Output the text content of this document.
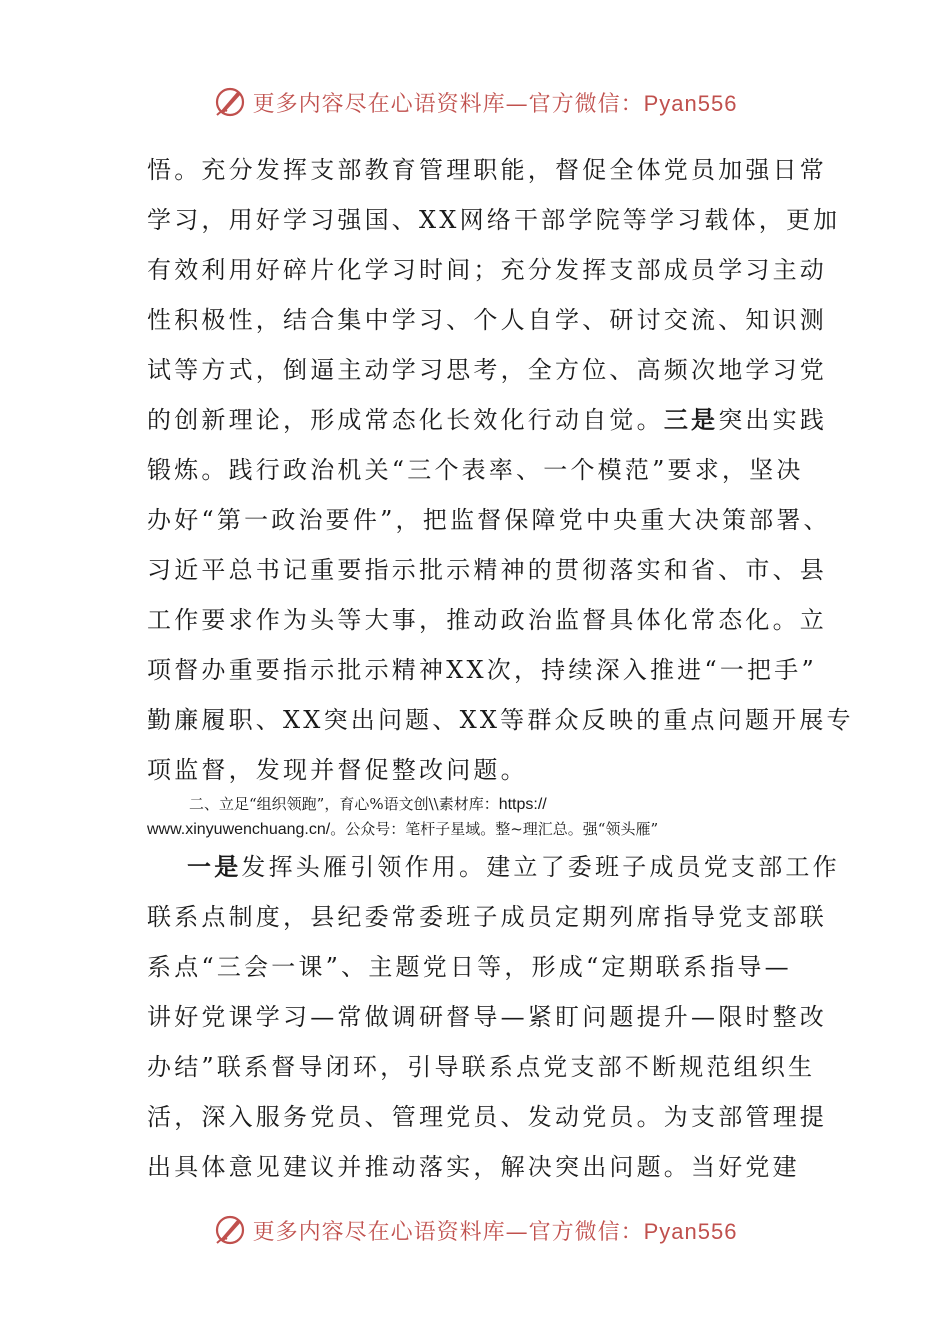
更多内容尽在心语资料库—官方微信：Pyan556
悟。充分发挥支部教育管理职能，督促全体党员加强日常
学习，用好学习强国、XX网络干部学院等学习载体，更加
有效利用好碎片化学习时间；充分发挥支部成员学习主动
性积极性，结合集中学习、个人自学、研讨交流、知识测
试等方式，倒逼主动学习思考，全方位、高频次地学习党
的创新理论，形成常态化长效化行动自觉。三是突出实践
锻炼。践行政治机关“三个表率、一个模范”要求，坚决
办好“第一政治要件”，把监督保障党中央重大决策部署、
习近平总书记重要指示批示精神的贯彻落实和省、市、县
工作要求作为头等大事，推动政治监督具体化常态化。立
项督办重要指示批示精神XX次，持续深入推进“一把手”
勤廉履职、XX突出问题、XX等群众反映的重点问题开展专
项监督，发现并督促整改问题。
二、立足“组织领跑”，育心%语文创\\素材库：https://
www.xinyuwenchuang.cn/。公众号：笔杆子星域。整~理汇总。强“领头雁”
一是发挥头雁引领作用。建立了委班子成员党支部工作
联系点制度，县纪委常委班子成员定期列席指导党支部联
系点“三会一课”、主题党日等，形成“定期联系指导—
讲好党课学习—常做调研督导—紧盯问题提升—限时整改
办结”联系督导闭环，引导联系点党支部不断规范组织生
活，深入服务党员、管理党员、发动党员。为支部管理提
出具体意见建议并推动落实，解决突出问题。当好党建
更多内容尽在心语资料库—官方微信：Pyan556
